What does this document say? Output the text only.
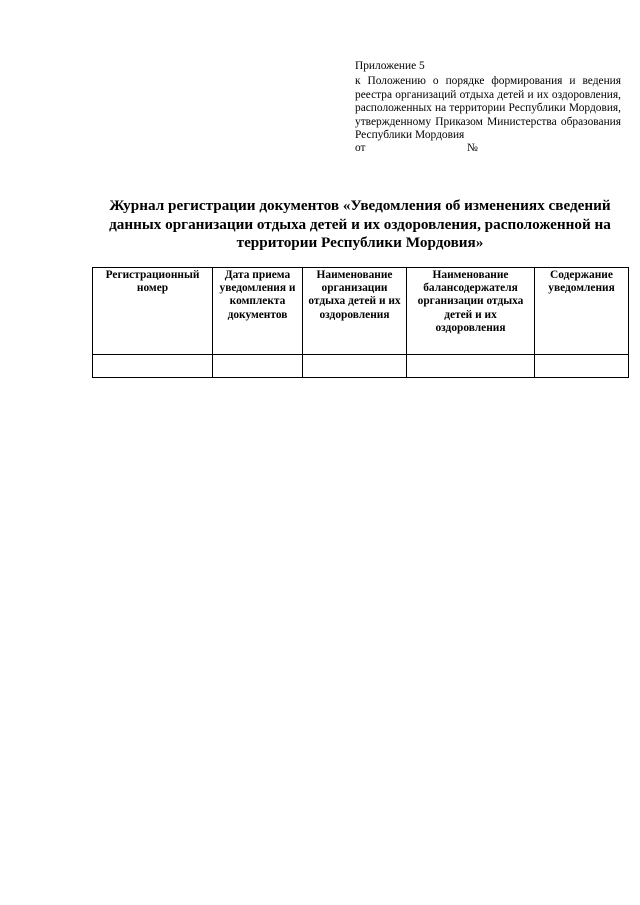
Приложение 5

к Положению о порядке формирования и ведения реестра организаций отдыха детей и их оздоровления, расположенных на территории Республики Мордовия, утвержденному Приказом Министерства образования Республики Мордовия

от	№
Журнал регистрации документов «Уведомления об изменениях сведений данных организации отдыха детей и их оздоровления, расположенной на территории Республики Мордовия»
Регистрационный номер	Дата приема уведомления и комплекта документов	Наименование организации отдыха детей и их оздоровления	Наименование балансодержателя организации отдыха детей и их оздоровления	Содержание уведомления
